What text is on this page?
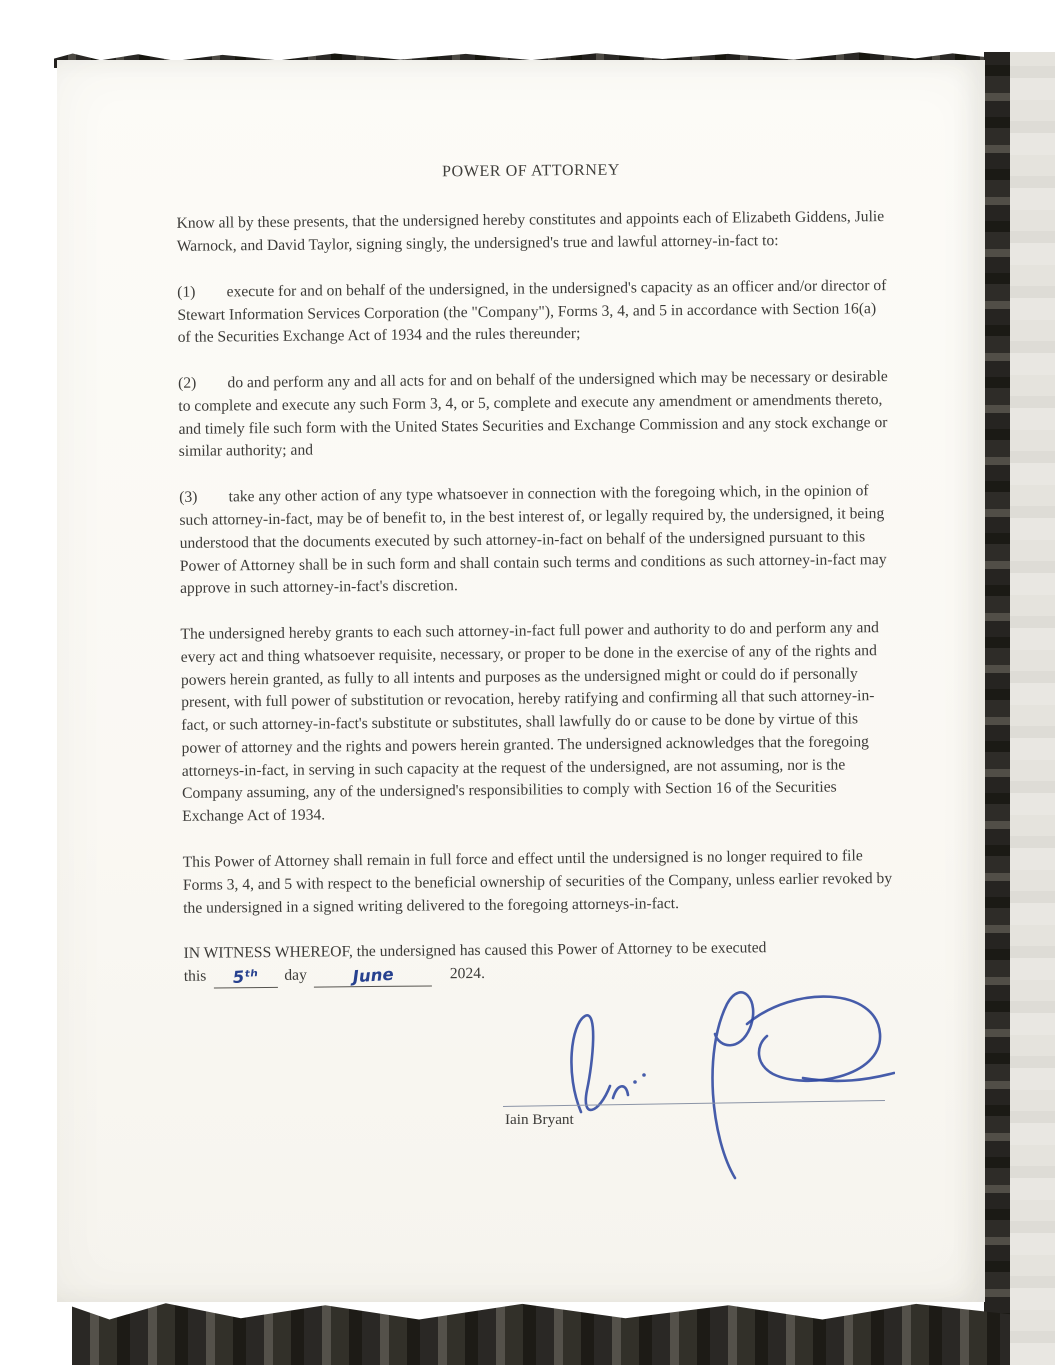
POWER OF ATTORNEY

Know all by these presents, that the undersigned hereby constitutes and appoints each of Elizabeth Giddens, Julie Warnock, and David Taylor, signing singly, the undersigned's true and lawful attorney-in-fact to:

(1)        execute for and on behalf of the undersigned, in the undersigned's capacity as an officer and/or director of Stewart Information Services Corporation (the "Company"), Forms 3, 4, and 5 in accordance with Section 16(a) of the Securities Exchange Act of 1934 and the rules thereunder;

(2)        do and perform any and all acts for and on behalf of the undersigned which may be necessary or desirable to complete and execute any such Form 3, 4, or 5, complete and execute any amendment or amendments thereto, and timely file such form with the United States Securities and Exchange Commission and any stock exchange or similar authority; and

(3)        take any other action of any type whatsoever in connection with the foregoing which, in the opinion of such attorney-in-fact, may be of benefit to, in the best interest of, or legally required by, the undersigned, it being understood that the documents executed by such attorney-in-fact on behalf of the undersigned pursuant to this Power of Attorney shall be in such form and shall contain such terms and conditions as such attorney-in-fact may approve in such attorney-in-fact's discretion.

The undersigned hereby grants to each such attorney-in-fact full power and authority to do and perform any and every act and thing whatsoever requisite, necessary, or proper to be done in the exercise of any of the rights and powers herein granted, as fully to all intents and purposes as the undersigned might or could do if personally present, with full power of substitution or revocation, hereby ratifying and confirming all that such attorney-in-fact, or such attorney-in-fact's substitute or substitutes, shall lawfully do or cause to be done by virtue of this power of attorney and the rights and powers herein granted. The undersigned acknowledges that the foregoing attorneys-in-fact, in serving in such capacity at the request of the undersigned, are not assuming, nor is the Company assuming, any of the undersigned's responsibilities to comply with Section 16 of the Securities Exchange Act of 1934.

This Power of Attorney shall remain in full force and effect until the undersigned is no longer required to file Forms 3, 4, and 5 with respect to the beneficial ownership of securities of the Company, unless earlier revoked by the undersigned in a signed writing delivered to the foregoing attorneys-in-fact.

IN WITNESS WHEREOF, the undersigned has caused this Power of Attorney to be executed
this 5ᵗʰ day	June	2024.

Iain Bryant
